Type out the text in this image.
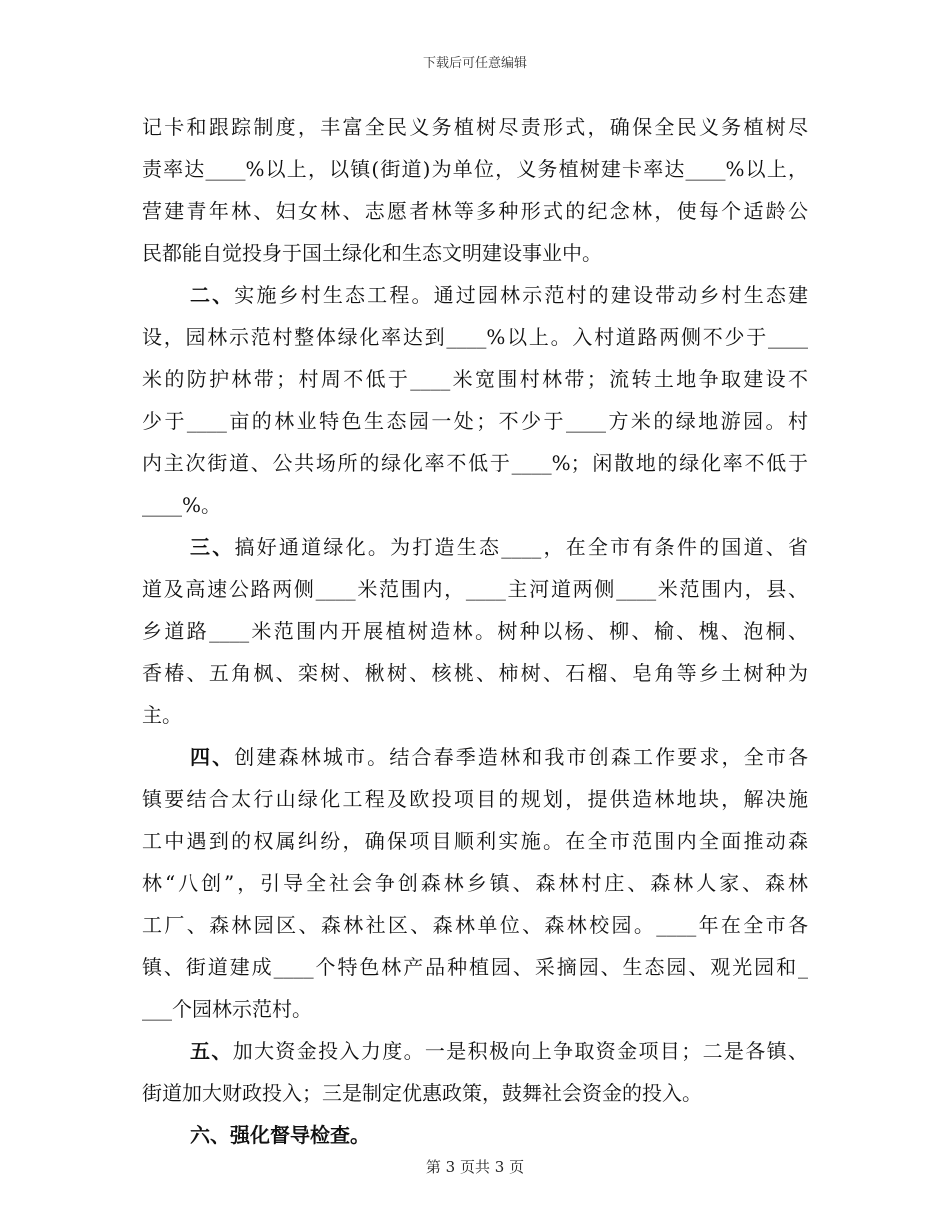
下载后可任意编辑
记卡和跟踪制度，丰富全民义务植树尽责形式，确保全民义务植树尽
责率达____%以上，以镇(街道)为单位，义务植树建卡率达____%以上，
营建青年林、妇女林、志愿者林等多种形式的纪念林，使每个适龄公
民都能自觉投身于国土绿化和生态文明建设事业中。
二、实施乡村生态工程。通过园林示范村的建设带动乡村生态建
设，园林示范村整体绿化率达到____%以上。入村道路两侧不少于____
米的防护林带；村周不低于____米宽围村林带；流转土地争取建设不
少于____亩的林业特色生态园一处；不少于____方米的绿地游园。村
内主次街道、公共场所的绿化率不低于____%；闲散地的绿化率不低于
____%。
三、搞好通道绿化。为打造生态____，在全市有条件的国道、省
道及高速公路两侧____米范围内，____主河道两侧____米范围内，县、
乡道路____米范围内开展植树造林。树种以杨、柳、榆、槐、泡桐、
香椿、五角枫、栾树、楸树、核桃、柿树、石榴、皂角等乡土树种为
主。
四、创建森林城市。结合春季造林和我市创森工作要求，全市各
镇要结合太行山绿化工程及欧投项目的规划，提供造林地块，解决施
工中遇到的权属纠纷，确保项目顺利实施。在全市范围内全面推动森
林“八创”，引导全社会争创森林乡镇、森林村庄、森林人家、森林
工厂、森林园区、森林社区、森林单位、森林校园。____年在全市各
镇、街道建成____个特色林产品种植园、采摘园、生态园、观光园和_
___个园林示范村。
五、加大资金投入力度。一是积极向上争取资金项目；二是各镇、
街道加大财政投入；三是制定优惠政策，鼓舞社会资金的投入。
六、强化督导检查。
第 3 页共 3 页
